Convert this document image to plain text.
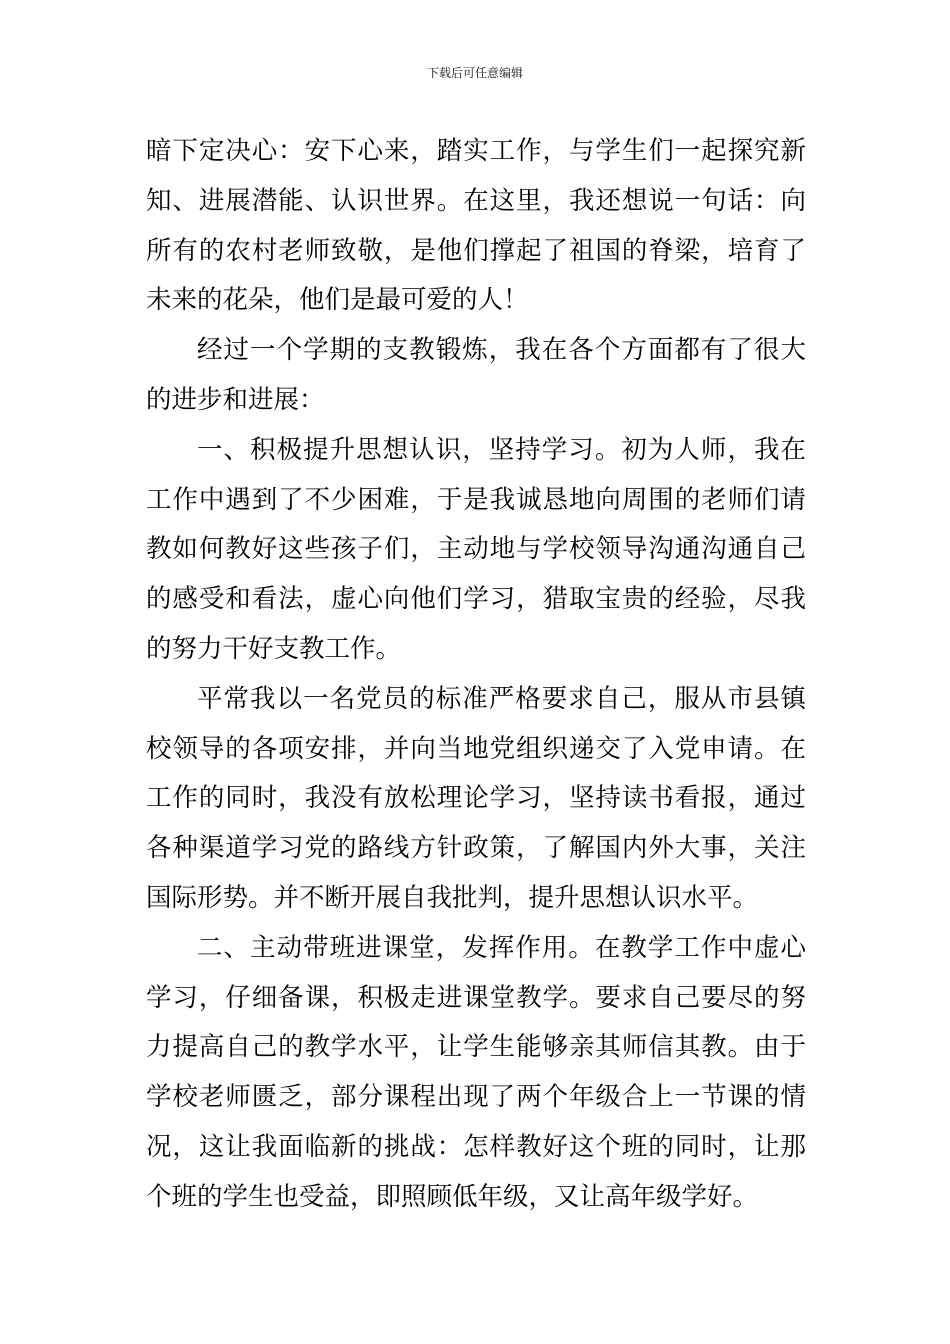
下载后可任意编辑

暗下定决心：安下心来，踏实工作，与学生们一起探究新知、进展潜能、认识世界。在这里，我还想说一句话：向所有的农村老师致敬，是他们撑起了祖国的脊梁，培育了未来的花朵，他们是最可爱的人！

经过一个学期的支教锻炼，我在各个方面都有了很大的进步和进展：

一、积极提升思想认识，坚持学习。初为人师，我在工作中遇到了不少困难，于是我诚恳地向周围的老师们请教如何教好这些孩子们，主动地与学校领导沟通沟通自己的感受和看法，虚心向他们学习，猎取宝贵的经验，尽我的努力干好支教工作。

平常我以一名党员的标准严格要求自己，服从市县镇校领导的各项安排，并向当地党组织递交了入党申请。在工作的同时，我没有放松理论学习，坚持读书看报，通过各种渠道学习党的路线方针政策，了解国内外大事，关注国际形势。并不断开展自我批判，提升思想认识水平。

二、主动带班进课堂，发挥作用。在教学工作中虚心学习，仔细备课，积极走进课堂教学。要求自己要尽的努力提高自己的教学水平，让学生能够亲其师信其教。由于学校老师匮乏，部分课程出现了两个年级合上一节课的情况，这让我面临新的挑战：怎样教好这个班的同时，让那个班的学生也受益，即照顾低年级，又让高年级学好。
